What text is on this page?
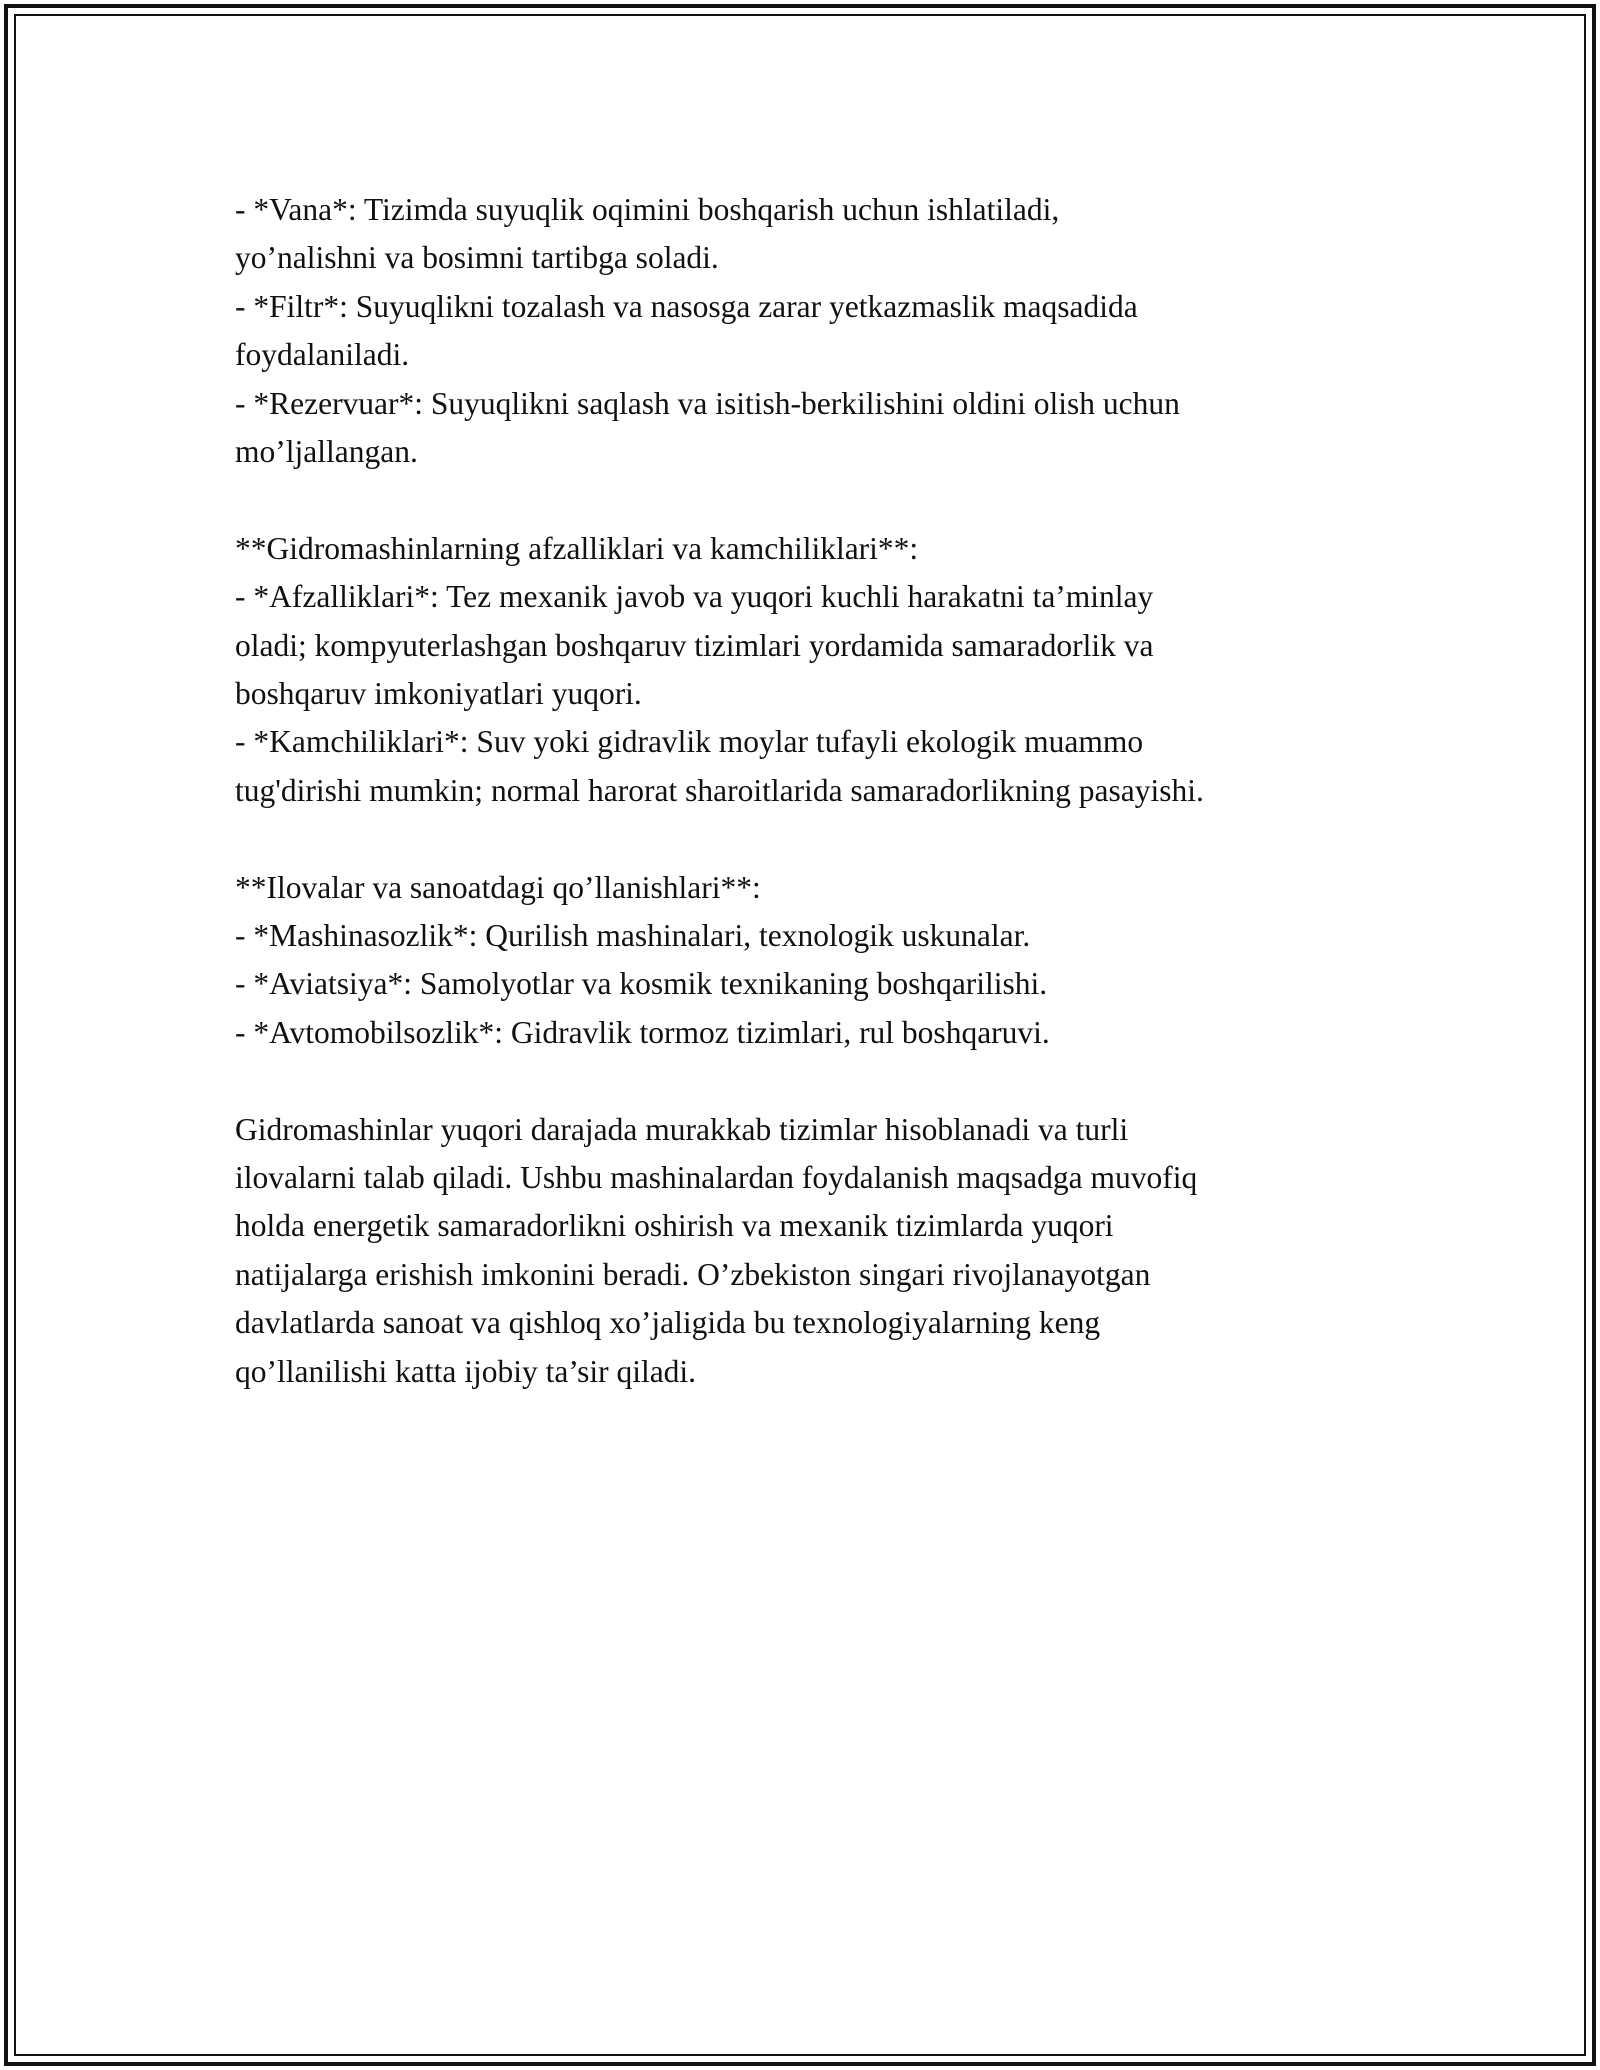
- *Vana*: Tizimda suyuqlik oqimini boshqarish uchun ishlatiladi,
yo’nalishni va bosimni tartibga soladi.
- *Filtr*: Suyuqlikni tozalash va nasosga zarar yetkazmaslik maqsadida
foydalaniladi.
- *Rezervuar*: Suyuqlikni saqlash va isitish-berkilishini oldini olish uchun
mo’ljallangan.
**Gidromashinlarning afzalliklari va kamchiliklari**:
- *Afzalliklari*: Tez mexanik javob va yuqori kuchli harakatni ta’minlay
oladi; kompyuterlashgan boshqaruv tizimlari yordamida samaradorlik va
boshqaruv imkoniyatlari yuqori.
- *Kamchiliklari*: Suv yoki gidravlik moylar tufayli ekologik muammo
tug'dirishi mumkin; normal harorat sharoitlarida samaradorlikning pasayishi.
**Ilovalar va sanoatdagi qo’llanishlari**:
- *Mashinasozlik*: Qurilish mashinalari, texnologik uskunalar.
- *Aviatsiya*: Samolyotlar va kosmik texnikaning boshqarilishi.
- *Avtomobilsozlik*: Gidravlik tormoz tizimlari, rul boshqaruvi.
Gidromashinlar yuqori darajada murakkab tizimlar hisoblanadi va turli
ilovalarni talab qiladi. Ushbu mashinalardan foydalanish maqsadga muvofiq
holda energetik samaradorlikni oshirish va mexanik tizimlarda yuqori
natijalarga erishish imkonini beradi. O’zbekiston singari rivojlanayotgan
davlatlarda sanoat va qishloq xo’jaligida bu texnologiyalarning keng
qo’llanilishi katta ijobiy ta’sir qiladi.
